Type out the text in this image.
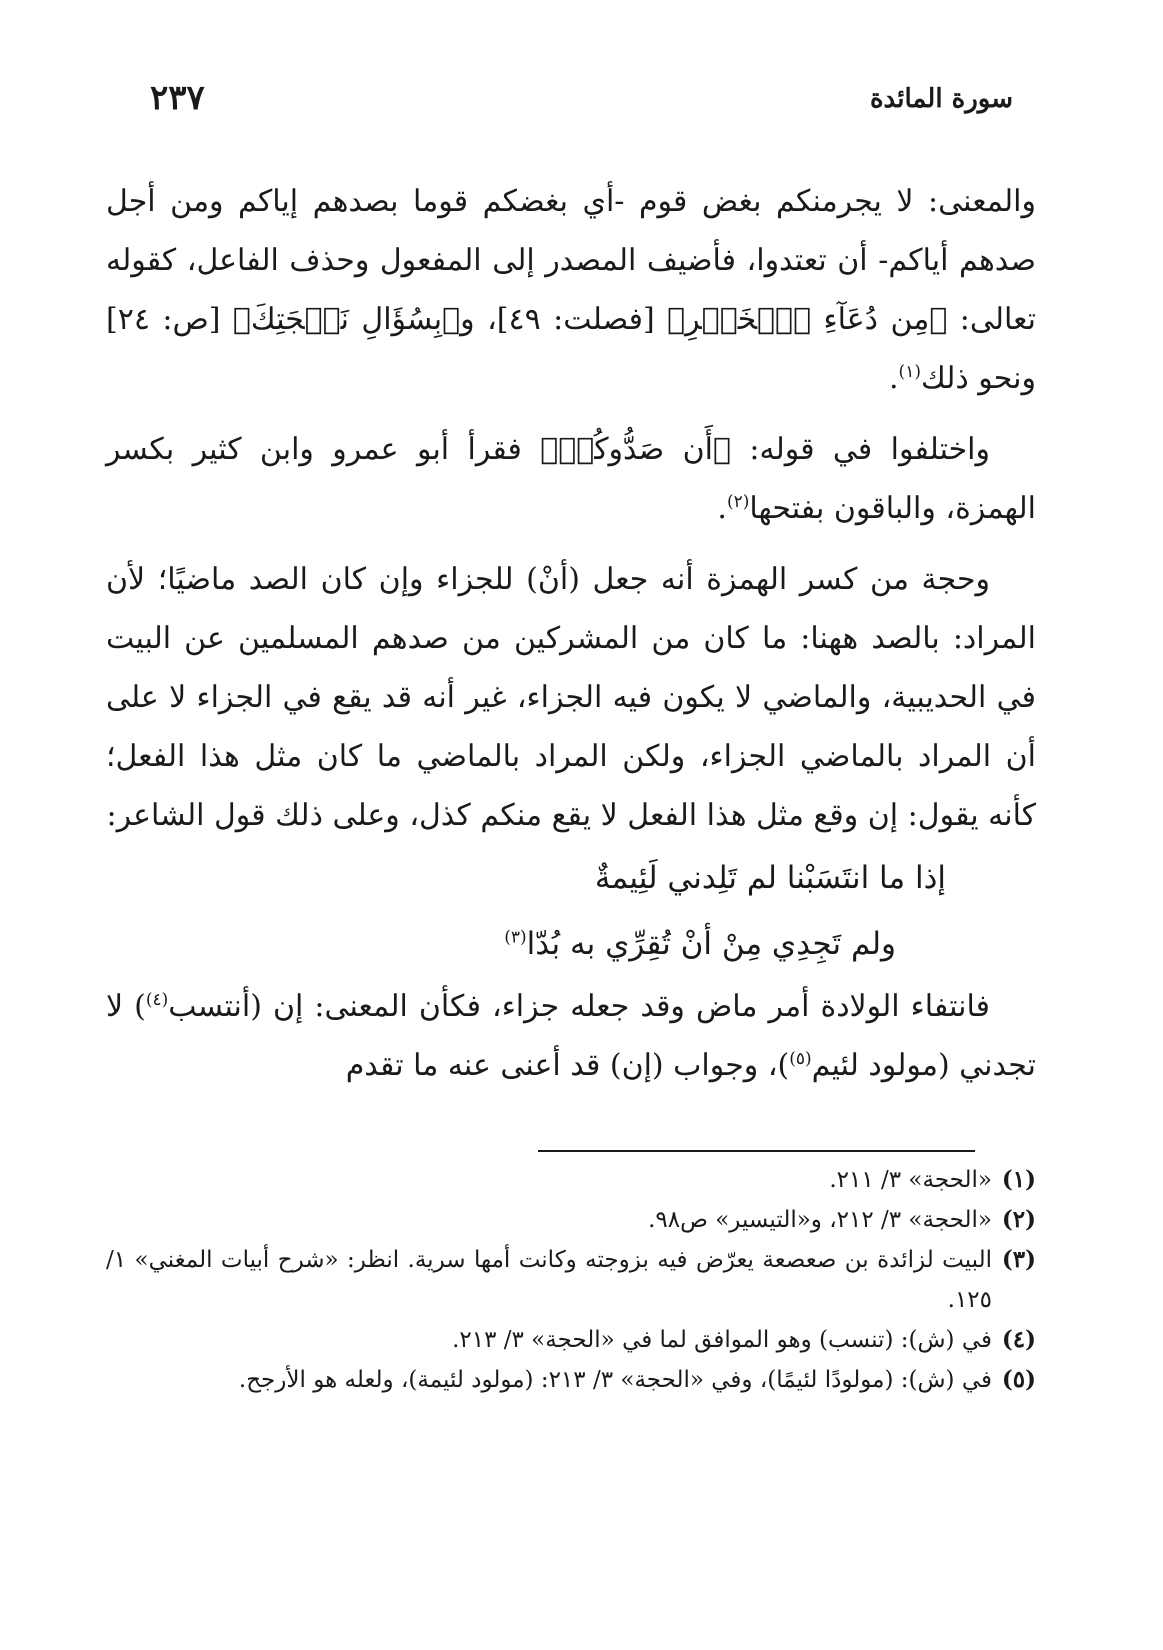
سورة المائدة
٢٣٧

والمعنى: لا يجرمنكم بغض قوم -أي بغضكم قوما بصدهم إياكم ومن أجل صدهم أياكم- أن تعتدوا، فأضيف المصدر إلى المفعول وحذف الفاعل، كقوله تعالى: ﴿مِن دُعَآءِ ٱلۡخَيۡرِ﴾ [فصلت: ٤٩]، و﴿بِسُؤَالِ نَعۡجَتِكَ﴾ [ص: ٢٤] ونحو ذلك$^{(١)}$.

واختلفوا في قوله: ﴿أَن صَدُّوكُمۡ﴾ فقرأ أبو عمرو وابن كثير بكسر الهمزة، والباقون بفتحها$^{(٢)}$.

وحجة من كسر الهمزة أنه جعل (أنْ) للجزاء وإن كان الصد ماضيًا؛ لأن المراد: بالصد ههنا: ما كان من المشركين من صدهم المسلمين عن البيت في الحديبية، والماضي لا يكون فيه الجزاء، غير أنه قد يقع في الجزاء لا على أن المراد بالماضي الجزاء، ولكن المراد بالماضي ما كان مثل هذا الفعل؛ كأنه يقول: إن وقع مثل هذا الفعل لا يقع منكم كذل، وعلى ذلك قول الشاعر:

إذا ما انتَسَبْنا لم تَلِدني لَئِيمةٌ
ولم تَجِدِي مِنْ أنْ تُقِرِّي به بُدّا$^{(٣)}$

فانتفاء الولادة أمر ماض وقد جعله جزاء، فكأن المعنى: إن (أنتسب$^{(٤)}$) لا تجدني (مولود لئيم$^{(٥)}$)، وجواب (إن) قد أعنى عنه ما تقدم

(١)
«الحجة» ٣/ ٢١١.
(٢)
«الحجة» ٣/ ٢١٢، و«التيسير» ص٩٨.
(٣)
البيت لزائدة بن صعصعة يعرّض فيه بزوجته وكانت أمها سرية. انظر: «شرح أبيات المغني» ١/ ١٢٥.
(٤)
في (ش): (تنسب) وهو الموافق لما في «الحجة» ٣/ ٢١٣.
(٥)
في (ش): (مولودًا لئيمًا)، وفي «الحجة» ٣/ ٢١٣: (مولود لئيمة)، ولعله هو الأرجح.
